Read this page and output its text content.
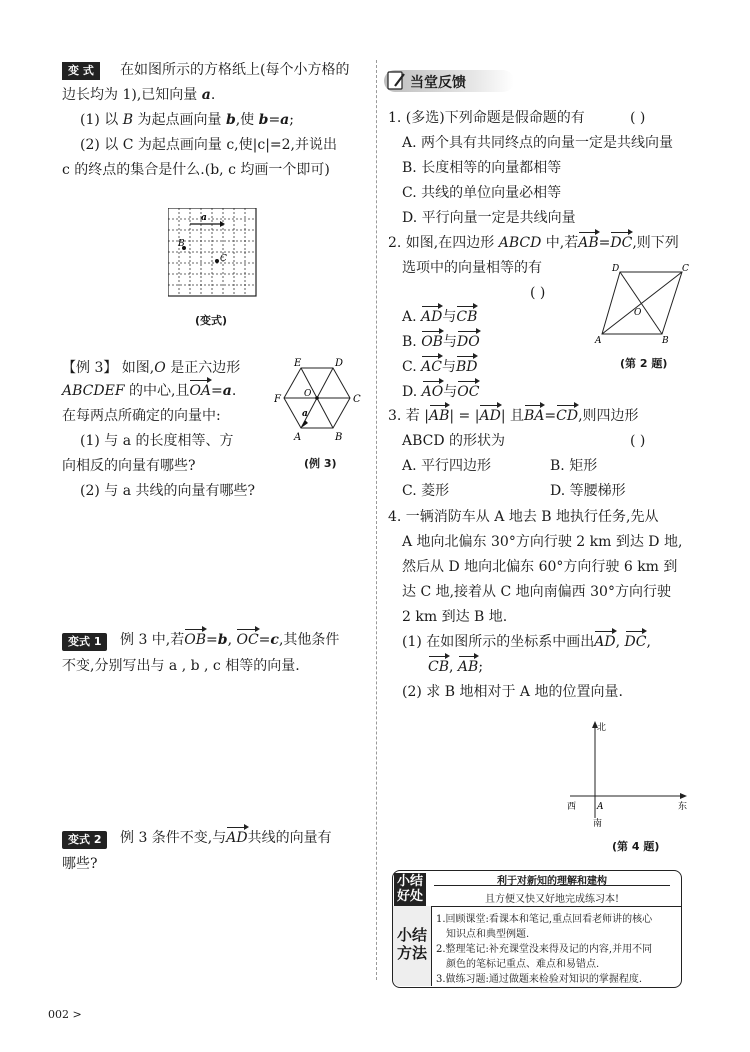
变 式	在如图所示的方格纸上(每个小方格的
边长均为 1),已知向量 a.
(1) 以 B 为起点画向量 b,使 b=a;
(2) 以 C 为起点画向量 c,使|c|=2,并说出
c 的终点的集合是什么.(b, c 均画一个即可)
a
B
C
(变式)
【例 3】 如图,O 是正六边形
ABCDEF 的中心,且OA=a.
在每两点所确定的向量中:
(1) 与 a 的长度相等、方
向相反的向量有哪些?
(2) 与 a 共线的向量有哪些?
E	D
F	C
O
a
A	B
(例 3)
变式 1	例 3 中,若OB=b, OC=c,其他条件
不变,分别写出与 a , b , c 相等的向量.
变式 2	例 3 条件不变,与AD共线的向量有
哪些?
002 >
当堂反馈
1. (多选)下列命题是假命题的有	( )
A. 两个具有共同终点的向量一定是共线向量
B. 长度相等的向量都相等
C. 共线的单位向量必相等
D. 平行向量一定是共线向量
2. 如图,在四边形 ABCD 中,若AB=DC,则下列
选项中的向量相等的有
( )
A. AD与CB
B. OB与DO
C. AC与BD
D. AO与OC
D	C
O
A	B
(第 2 题)
3. 若 |AB| = |AD| 且BA=CD,则四边形
ABCD 的形状为	( )
A. 平行四边形	B. 矩形
C. 菱形	D. 等腰梯形
4. 一辆消防车从 A 地去 B 地执行任务,先从
A 地向北偏东 30°方向行驶 2 km 到达 D 地,
然后从 D 地向北偏东 60°方向行驶 6 km 到
达 C 地,接着从 C 地向南偏西 30°方向行驶
2 km 到达 B 地.
(1) 在如图所示的坐标系中画出AD, DC,
CB, AB;
(2) 求 B 地相对于 A 地的位置向量.
北
东
西 A
南
(第 4 题)
小结
好处
利于对新知的理解和建构
且方便又快又好地完成练习本!
小结
方法
1.回顾课堂:看课本和笔记,重点回看老师讲的核心
知识点和典型例题.
2.整理笔记:补充课堂没来得及记的内容,并用不同
颜色的笔标记重点、难点和易错点.
3.做练习题:通过做题来检验对知识的掌握程度.
